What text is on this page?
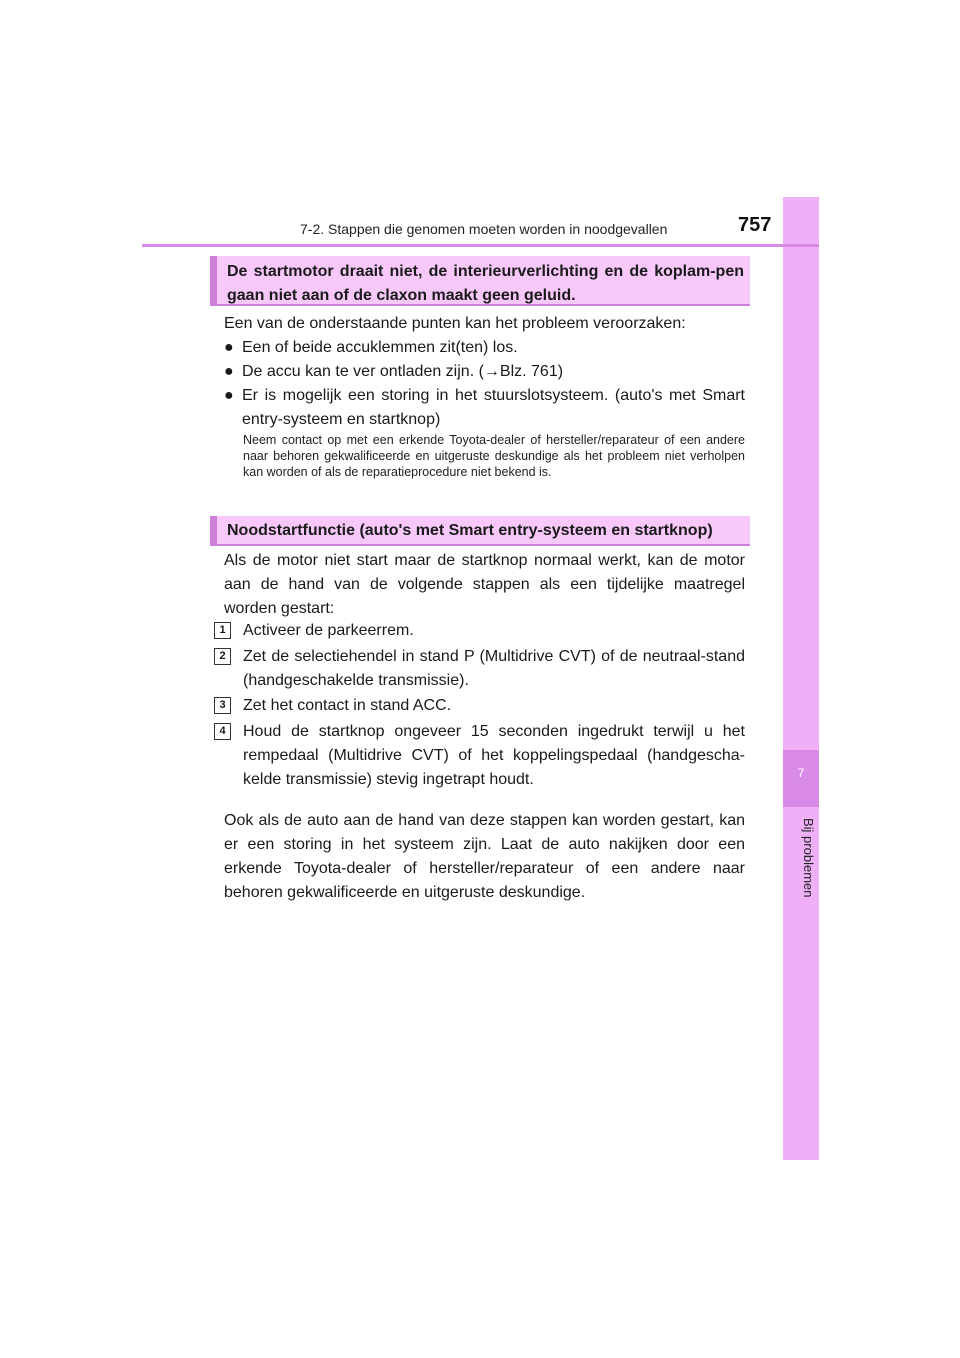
7
Bij problemen
7-2. Stappen die genomen moeten worden in noodgevallen	757
De startmotor draait niet, de interieurverlichting en de koplam-pen gaan niet aan of de claxon maakt geen geluid.
Een van de onderstaande punten kan het probleem veroorzaken:
● Een of beide accuklemmen zit(ten) los.
● De accu kan te ver ontladen zijn. (→Blz. 761)
● Er is mogelijk een storing in het stuurslotsysteem. (auto's met Smart entry-systeem en startknop)
Neem contact op met een erkende Toyota-dealer of hersteller/reparateur of een andere naar behoren gekwalificeerde en uitgeruste deskundige als het probleem niet verholpen kan worden of als de reparatieprocedure niet bekend is.
Noodstartfunctie (auto's met Smart entry-systeem en startknop)
Als de motor niet start maar de startknop normaal werkt, kan de motor aan de hand van de volgende stappen als een tijdelijke maatregel worden gestart:
1	Activeer de parkeerrem.
2	Zet de selectiehendel in stand P (Multidrive CVT) of de neutraal-stand (handgeschakelde transmissie).
3	Zet het contact in stand ACC.
4	Houd de startknop ongeveer 15 seconden ingedrukt terwijl u het rempedaal (Multidrive CVT) of het koppelingspedaal (handgescha-kelde transmissie) stevig ingetrapt houdt.
Ook als de auto aan de hand van deze stappen kan worden gestart, kan er een storing in het systeem zijn. Laat de auto nakijken door een erkende Toyota-dealer of hersteller/reparateur of een andere naar behoren gekwalificeerde en uitgeruste deskundige.
